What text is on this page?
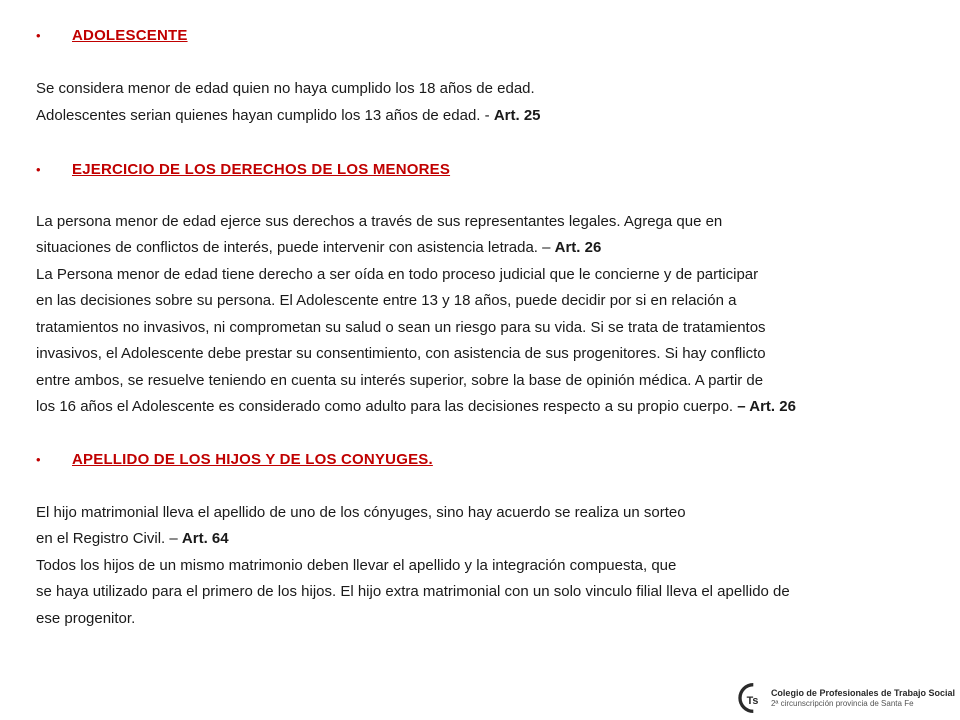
•	ADOLESCENTE
Se considera menor de edad quien no haya cumplido los 18 años de edad.
Adolescentes serian quienes hayan cumplido los 13 años de edad. - Art. 25
•	EJERCICIO DE LOS DERECHOS DE LOS MENORES
La persona menor de edad ejerce sus derechos a través de sus representantes legales. Agrega que en
situaciones de conflictos de interés, puede intervenir con asistencia letrada. – Art. 26
La Persona menor de edad tiene derecho a ser oída en todo proceso judicial que le concierne y de participar
en las decisiones sobre su persona. El Adolescente entre 13 y 18 años, puede decidir por si en relación a
tratamientos no invasivos, ni comprometan su salud o sean un riesgo para su vida. Si se trata de tratamientos
invasivos, el Adolescente debe prestar su consentimiento, con asistencia de sus progenitores. Si hay conflicto
entre ambos, se resuelve teniendo en cuenta su interés superior, sobre la base de opinión médica. A partir de
los 16 años el Adolescente es considerado como adulto para las decisiones respecto a su propio cuerpo. – Art. 26
•	APELLIDO DE LOS HIJOS Y DE LOS CONYUGES.
El hijo matrimonial lleva el apellido de uno de los cónyuges, sino hay acuerdo se realiza un sorteo
en el Registro Civil. – Art. 64
Todos los hijos de un mismo matrimonio deben llevar el apellido y la integración compuesta, que
se haya utilizado para el primero de los hijos. El hijo extra matrimonial con un solo vinculo filial lleva el apellido de
ese progenitor.
Ts
Colegio de Profesionales de Trabajo Social
2ª circunscripción provincia de Santa Fe
